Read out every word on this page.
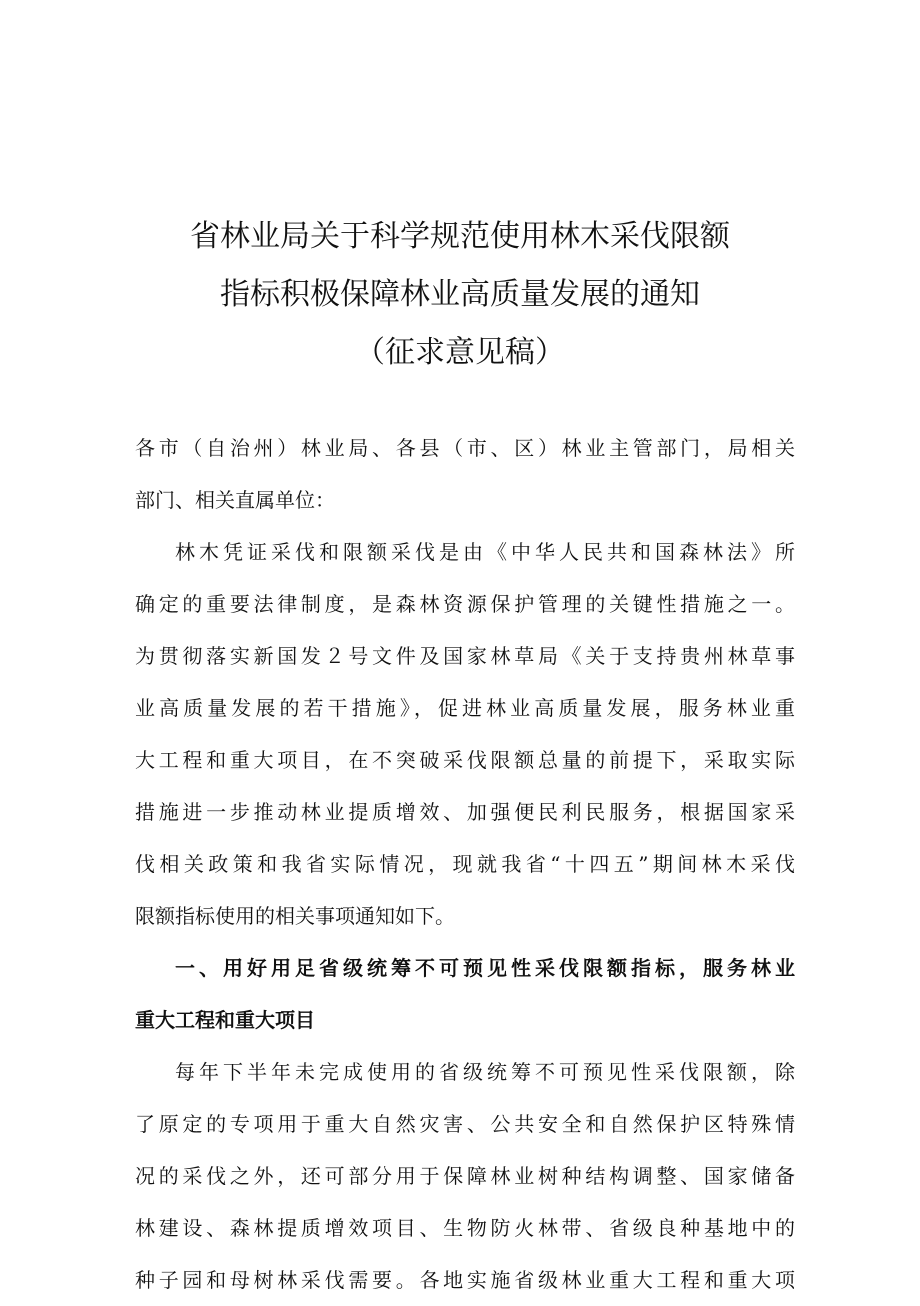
省林业局关于科学规范使用林木采伐限额
指标积极保障林业高质量发展的通知
（征求意见稿）
各市（自治州）林业局、各县（市、区）林业主管部门，局相关
部门、相关直属单位：
林木凭证采伐和限额采伐是由《中华人民共和国森林法》所
确定的重要法律制度，是森林资源保护管理的关键性措施之一。
为贯彻落实新国发２号文件及国家林草局《关于支持贵州林草事
业高质量发展的若干措施》，促进林业高质量发展，服务林业重
大工程和重大项目，在不突破采伐限额总量的前提下，采取实际
措施进一步推动林业提质增效、加强便民利民服务，根据国家采
伐相关政策和我省实际情况，现就我省“十四五”期间林木采伐
限额指标使用的相关事项通知如下。
一、用好用足省级统筹不可预见性采伐限额指标，服务林业
重大工程和重大项目
每年下半年未完成使用的省级统筹不可预见性采伐限额，除
了原定的专项用于重大自然灾害、公共安全和自然保护区特殊情
况的采伐之外，还可部分用于保障林业树种结构调整、国家储备
林建设、森林提质增效项目、生物防火林带、省级良种基地中的
种子园和母树林采伐需要。各地实施省级林业重大工程和重大项
